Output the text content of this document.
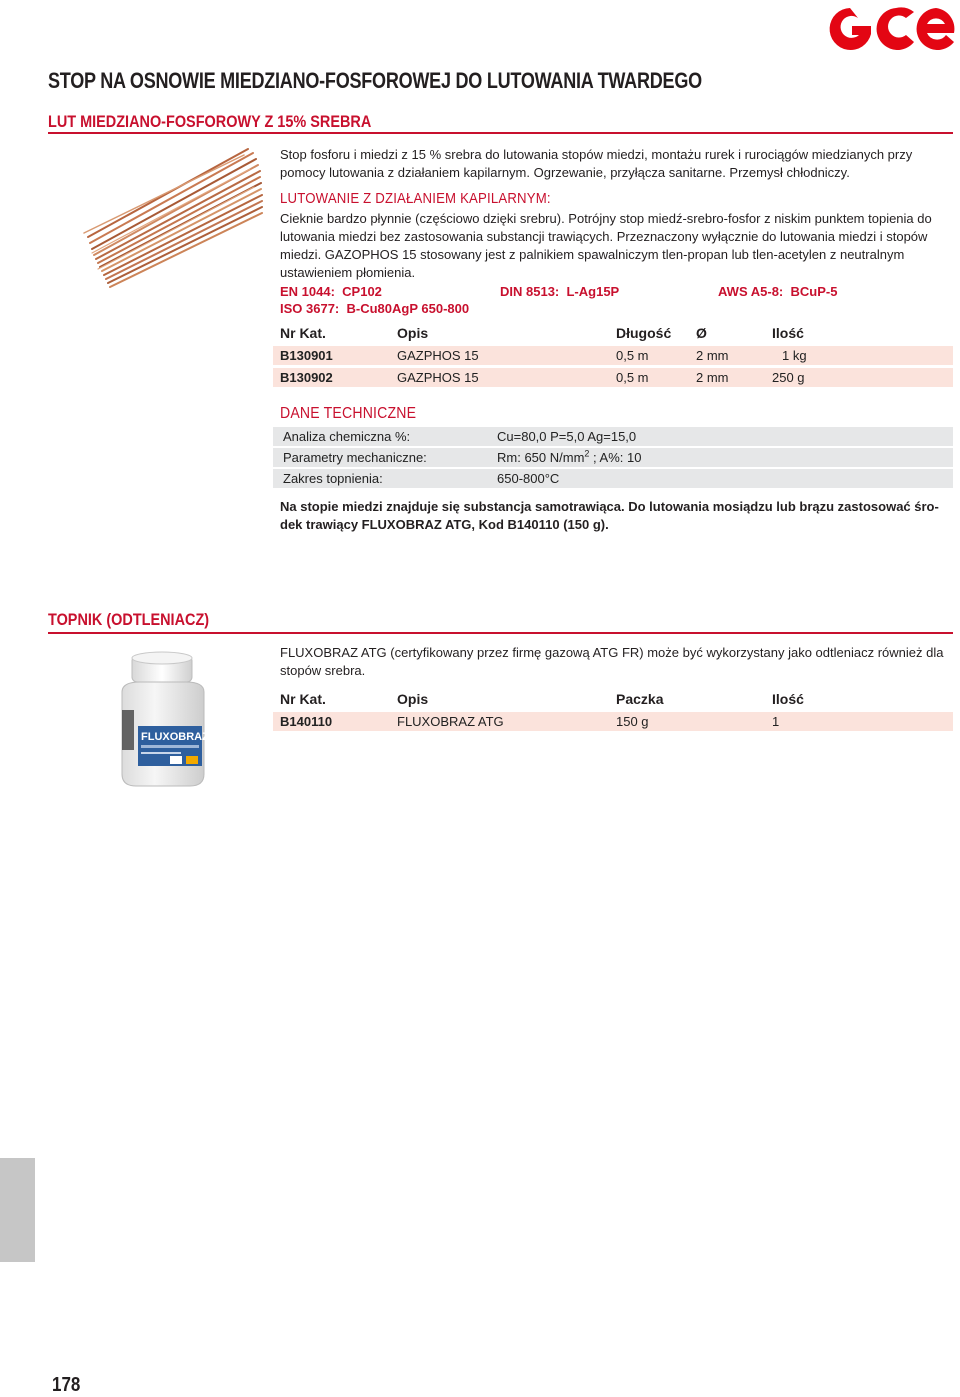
STOP NA OSNOWIE MIEDZIANO-FOSFOROWEJ DO LUTOWANIA TWARDEGO
LUT MIEDZIANO-FOSFOROWY Z 15% SREBRA
Stop fosforu i miedzi z 15 % srebra do lutowania stopów miedzi, montażu rurek i rurociągów miedzianych przy
pomocy lutowania z działaniem kapilarnym. Ogrzewanie, przyłącza sanitarne. Przemysł chłodniczy.
LUTOWANIE Z DZIAŁANIEM KAPILARNYM:
Cieknie bardzo płynnie (częściowo dzięki srebru). Potrójny stop miedź-srebro-fosfor z niskim punktem topienia do
lutowania miedzi bez zastosowania substancji trawiących. Przeznaczony wyłącznie do lutowania miedzi i stopów
miedzi. GAZOPHOS 15 stosowany jest z palnikiem spawalniczym tlen-propan lub tlen-acetylen z neutralnym
ustawieniem płomienia.
EN 1044: CP102	DIN 8513: L-Ag15P	AWS A5-8: BCuP-5
ISO 3677: B-Cu80AgP 650-800
Nr Kat.	Opis	Długość Ø	Ilość
B130901	GAZPHOS 15	0,5 m	2 mm	1 kg
B130902	GAZPHOS 15	0,5 m	2 mm	250 g
DANE TECHNICZNE
Analiza chemiczna %:	Cu=80,0 P=5,0 Ag=15,0
Parametry mechaniczne:	Rm: 650 $N/mm^2$ ; A%: 10
Zakres topnienia:	650-800°C
Na stopie miedzi znajduje się substancja samotrawiąca. Do lutowania mosiądzu lub brązu zastosować śro-
dek trawiący FLUXOBRAZ ATG, Kod B140110 (150 g).
TOPNIK (ODTLENIACZ)
FLUXOBRAZ
FLUXOBRAZ ATG (certyfikowany przez firmę gazową ATG FR) może być wykorzystany jako odtleniacz również dla
stopów srebra.
Nr Kat.	Opis	Paczka	Ilość
B140110	FLUXOBRAZ ATG	150 g	1
178
